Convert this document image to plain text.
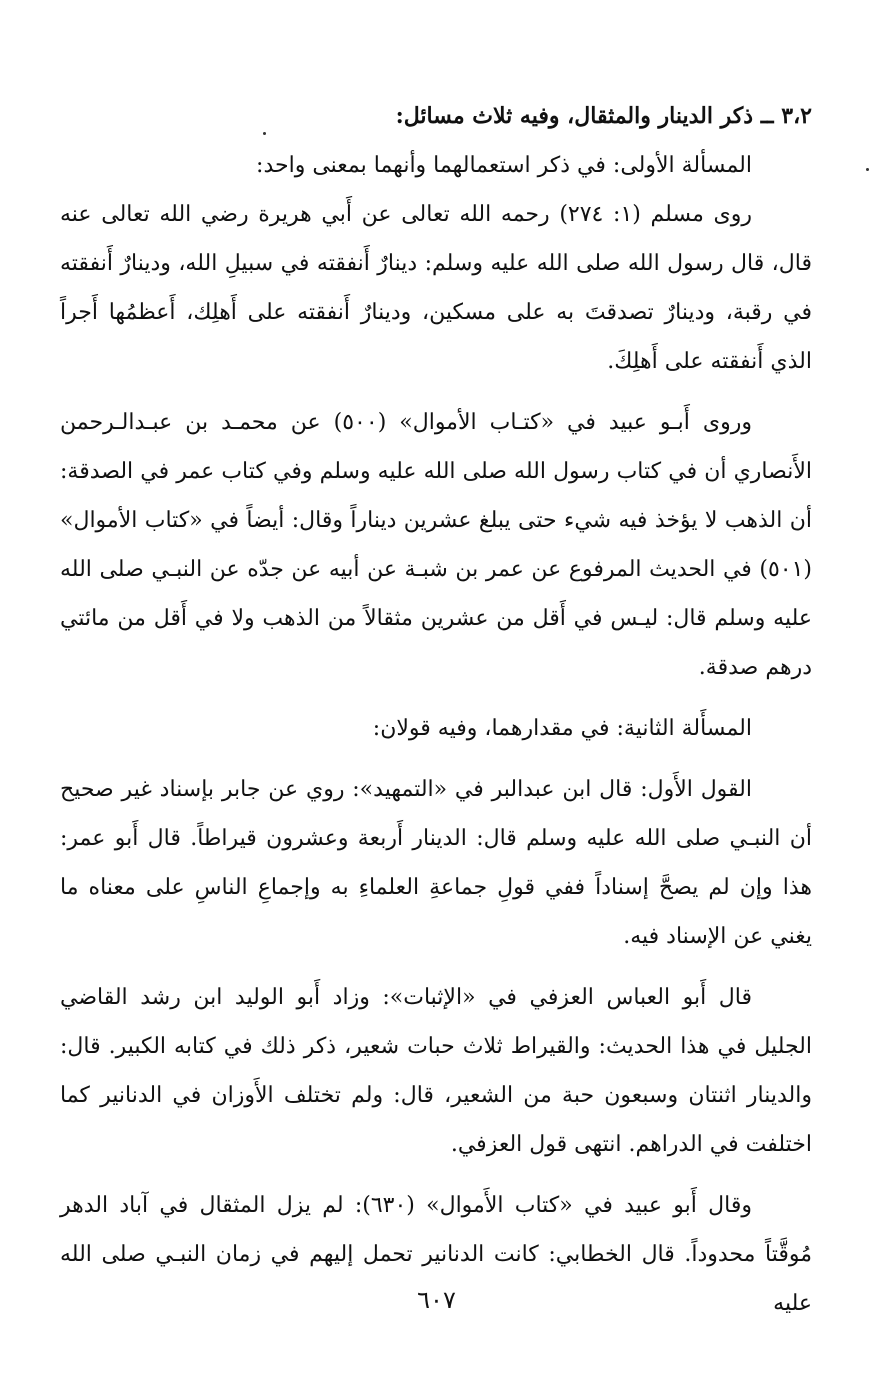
٣،٢ ــ ذكر الدينار والمثقال، وفيه ثلاث مسائل:

المسألة الأولى: في ذكر استعمالهما وأنهما بمعنى واحد:

روى مسلم (١: ٢٧٤) رحمه الله تعالى عن أَبي هريرة رضي الله تعالى عنه قال، قال رسول الله صلى الله عليه وسلم: دينارٌ أَنفقته في سبيلِ الله، ودينارٌ أَنفقته في رقبة، ودينارٌ تصدقتَ به على مسكين، ودينارٌ أَنفقته على أَهلِك، أَعظمُها أَجراً الذي أَنفقته على أَهلِكَ.

وروى أَبـو عبيد في «كتـاب الأموال» (٥٠٠) عن محمـد بن عبـدالـرحمن الأَنصاري أن في كتاب رسول الله صلى الله عليه وسلم وفي كتاب عمر في الصدقة: أن الذهب لا يؤخذ فيه شيء حتى يبلغ عشرين ديناراً وقال: أيضاً في «كتاب الأموال» (٥٠١) في الحديث المرفوع عن عمر بن شبـة عن أبيه عن جدّه عن النبـي صلى الله عليه وسلم قال: ليـس في أَقل من عشرين مثقالاً من الذهب ولا في أَقل من مائتي درهم صدقة.

المسأَلة الثانية: في مقدارهما، وفيه قولان:

القول الأَول: قال ابن عبدالبر في «التمهيد»: روي عن جابر بإسناد غير صحيح أن النبـي صلى الله عليه وسلم قال: الدينار أَربعة وعشرون قيراطاً. قال أَبو عمر: هذا وإن لم يصحَّ إسناداً ففي قولِ جماعةِ العلماءِ به وإجماعِ الناسِ على معناه ما يغني عن الإسناد فيه.

قال أَبو العباس العزفي في «الإثبات»: وزاد أَبو الوليد ابن رشد القاضي الجليل في هذا الحديث: والقيراط ثلاث حبات شعير، ذكر ذلك في كتابه الكبير. قال: والدينار اثنتان وسبعون حبة من الشعير، قال: ولم تختلف الأَوزان في الدنانير كما اختلفت في الدراهم. انتهى قول العزفي.

وقال أَبو عبيد في «كتاب الأَموال» (٦٣٠): لم يزل المثقال في آباد الدهر مُوقَّتاً محدوداً. قال الخطابي: كانت الدنانير تحمل إليهم في زمان النبـي صلى الله عليه

٦٠٧
